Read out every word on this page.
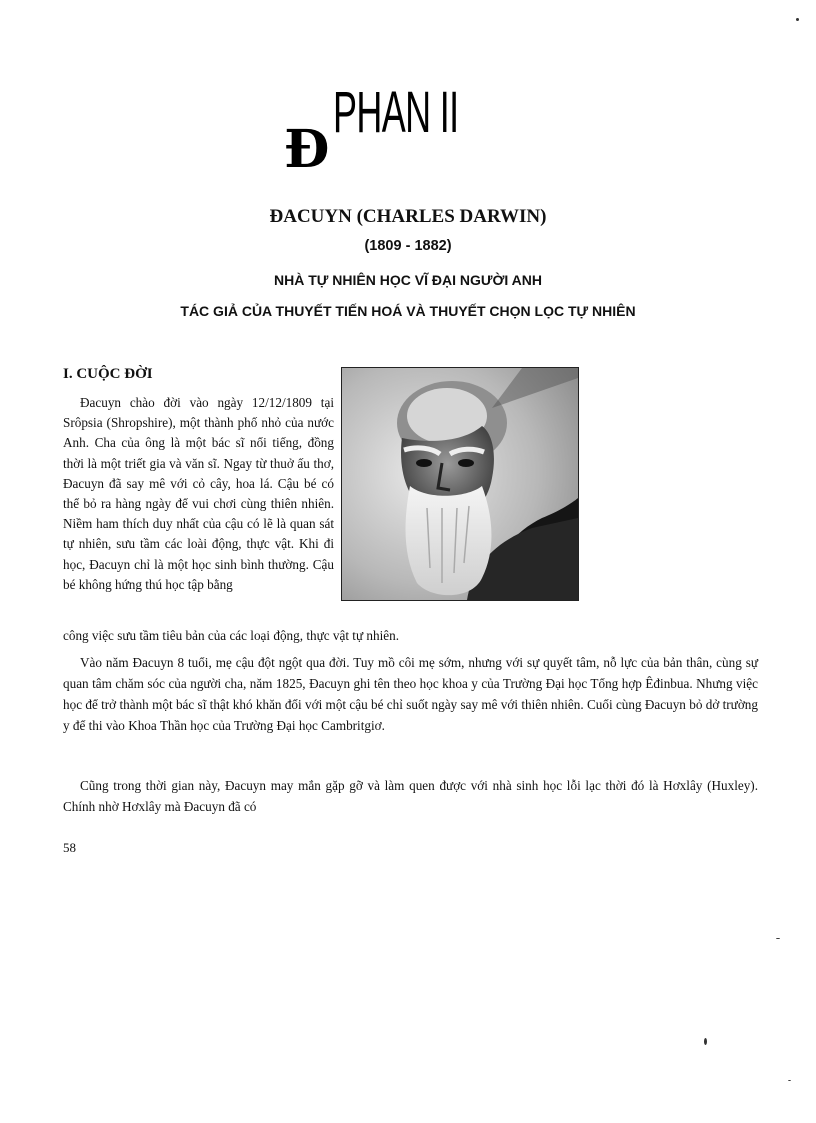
Đ
PHAN II
ĐACUYN (CHARLES DARWIN)
(1809 - 1882)
NHÀ TỰ NHIÊN HỌC VĨ ĐẠI NGƯỜI ANH
TÁC GIẢ CỦA THUYẾT TIẾN HOÁ VÀ THUYẾT CHỌN LỌC TỰ NHIÊN
I. CUỘC ĐỜI

Đacuyn chào đời vào ngày 12/12/1809 tại Srôpsia (Shropshire), một thành phố nhỏ của nước Anh. Cha của ông là một bác sĩ nổi tiếng, đồng thời là một triết gia và văn sĩ. Ngay từ thuở ấu thơ, Đacuyn đã say mê với cỏ cây, hoa lá. Cậu bé có thể bỏ ra hàng ngày để vui chơi cùng thiên nhiên. Niềm ham thích duy nhất của cậu có lẽ là quan sát tự nhiên, sưu tầm các loài động, thực vật. Khi đi học, Đacuyn chỉ là một học sinh bình thường. Cậu bé không hứng thú học tập bằng

công việc sưu tầm tiêu bản của các loại động, thực vật tự nhiên.

Vào năm Đacuyn 8 tuổi, mẹ cậu đột ngột qua đời. Tuy mồ côi mẹ sớm, nhưng với sự quyết tâm, nỗ lực của bản thân, cùng sự quan tâm chăm sóc của người cha, năm 1825, Đacuyn ghi tên theo học khoa y của Trường Đại học Tổng hợp Êđinbua. Nhưng việc học để trở thành một bác sĩ thật khó khăn đối với một cậu bé chỉ suốt ngày say mê với thiên nhiên. Cuối cùng Đacuyn bỏ dở trường y để thi vào Khoa Thần học của Trường Đại học Cambritgiơ.

Cũng trong thời gian này, Đacuyn may mắn gặp gỡ và làm quen được với nhà sinh học lỗi lạc thời đó là Hơxlây (Huxley). Chính nhờ Hơxlây mà Đacuyn đã có

58
